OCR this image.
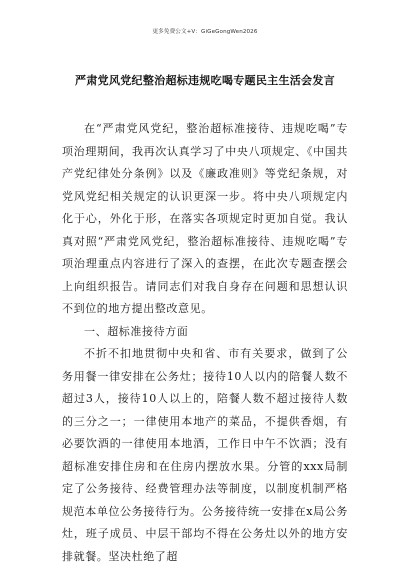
更多免费公文+V：GiGeGongWen2026
严肃党风党纪整治超标违规吃喝专题民主生活会发言

在“严肃党风党纪，整治超标准接待、违规吃喝”专项治理期间，我再次认真学习了中央八项规定、《中国共产党纪律处分条例》以及《廉政准则》等党纪条规，对党风党纪相关规定的认识更深一步。将中央八项规定内化于心，外化于形，在落实各项规定时更加自觉。我认真对照“严肃党风党纪，整治超标准接待、违规吃喝”专项治理重点内容进行了深入的查摆，在此次专题查摆会上向组织报告。请同志们对我自身存在问题和思想认识不到位的地方提出整改意见。

一、超标准接待方面

不折不扣地贯彻中央和省、市有关要求，做到了公务用餐一律安排在公务灶；接待10人以内的陪餐人数不超过3人，接待10人以上的，陪餐人数不超过接待人数的三分之一；一律使用本地产的菜品，不提供香烟，有必要饮酒的一律使用本地酒，工作日中午不饮酒；没有超标准安排住房和在住房内摆放水果。分管的xxx局制定了公务接待、经费管理办法等制度，以制度机制严格规范本单位公务接待行为。公务接待统一安排在x局公务灶，班子成员、中层干部均不得在公务灶以外的地方安排就餐。坚决杜绝了超
